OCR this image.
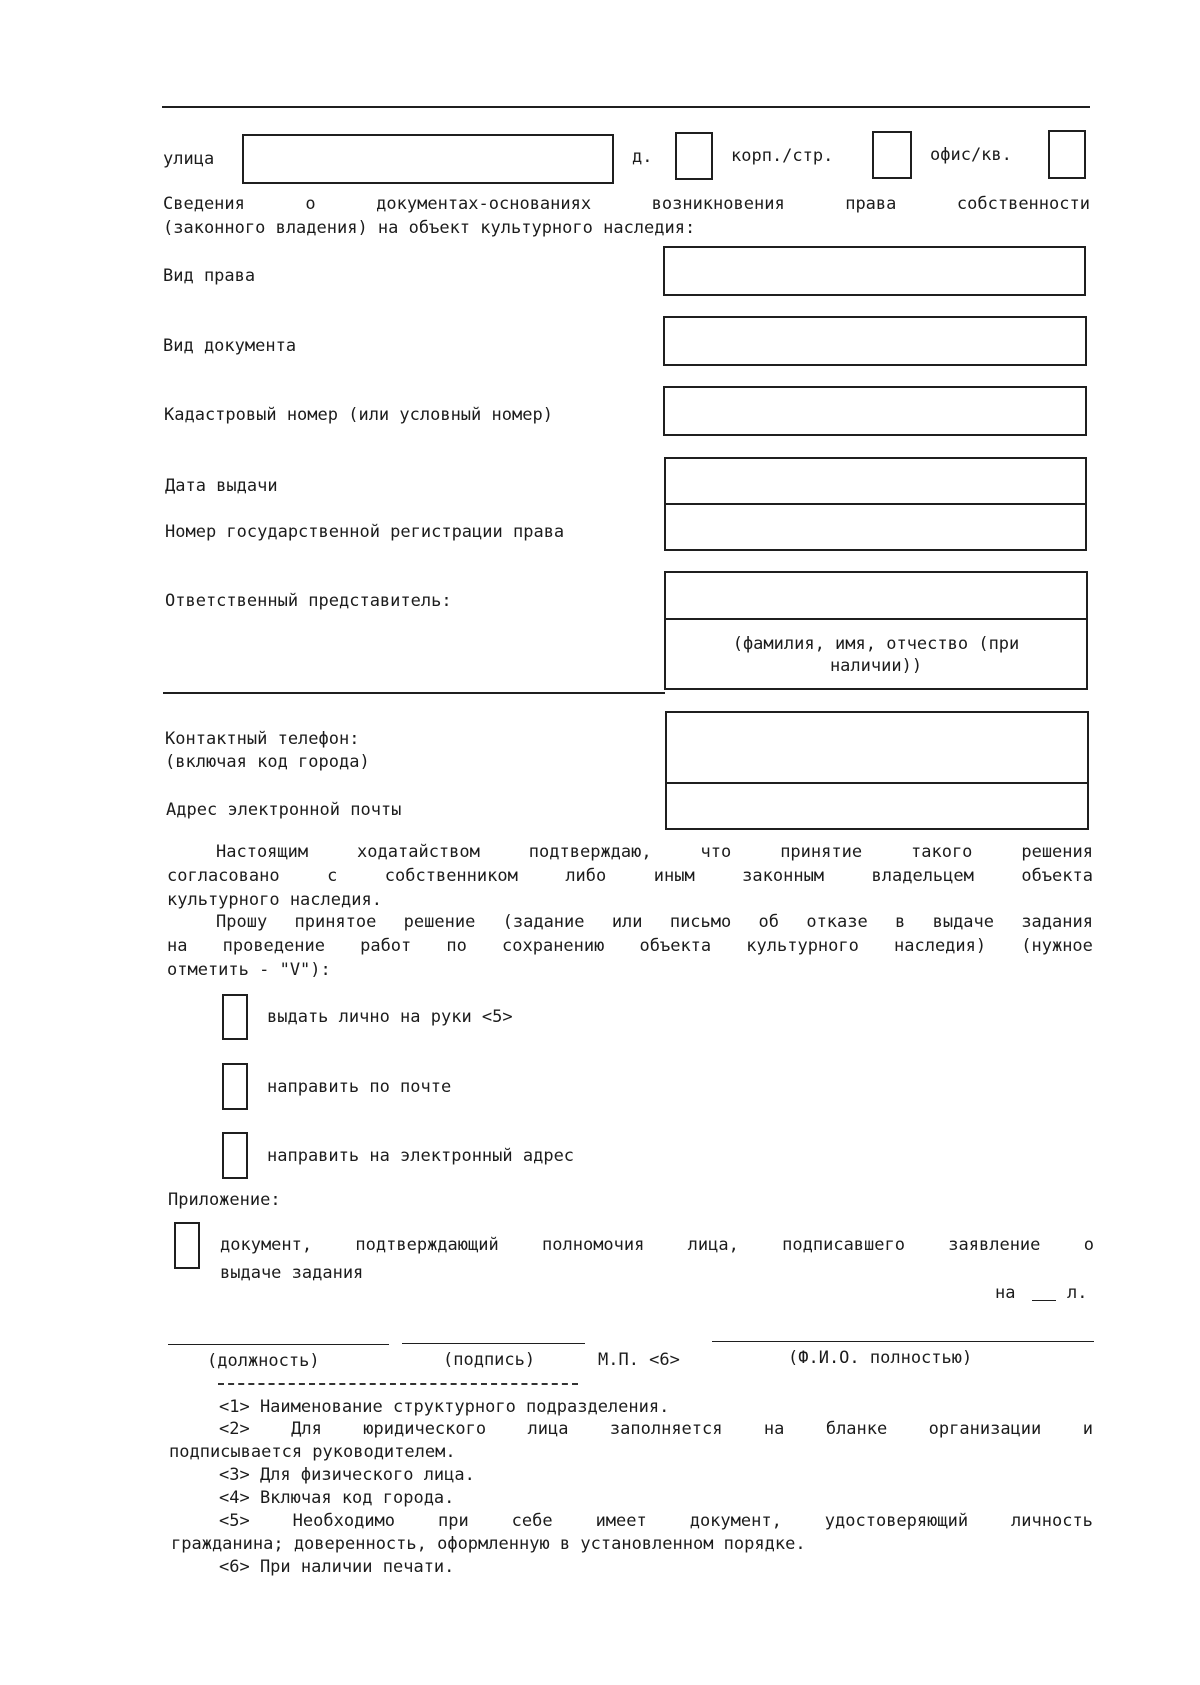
улица	д.	корп./стр.	офис/кв.
Сведения	о	документах-основаниях	возникновения	права	собственности
(законного владения) на объект культурного наследия:
Вид права
Вид документа
Кадастровый номер (или условный номер)
Дата выдачи
Номер государственной регистрации права
Ответственный представитель:
(фамилия, имя, отчество (при
наличии))
Контактный телефон:
(включая код города)
Адрес электронной почты
Настоящим	ходатайством	подтверждаю,	что	принятие	такого	решения
согласовано	с	собственником	либо	иным	законным	владельцем	объекта
культурного наследия.
Прошу принятое решение (задание или письмо об отказе в выдаче задания
на проведение работ по сохранению объекта культурного наследия) (нужное
отметить - "V"):
выдать лично на руки <5>
направить по почте
направить на электронный адрес
Приложение:
документ,	подтверждающий	полномочия	лица,	подписавшего	заявление	о
выдаче задания
на	л.
(должность)	(подпись)	М.П. <6>	(Ф.И.О. полностью)
<1> Наименование структурного подразделения.
<2> Для юридического лица заполняется на бланке организации и
подписывается руководителем.
<3> Для физического лица.
<4> Включая код города.
<5>	Необходимо	при	себе	имеет	документ,	удостоверяющий	личность
гражданина; доверенность, оформленную в установленном порядке.
<6> При наличии печати.
